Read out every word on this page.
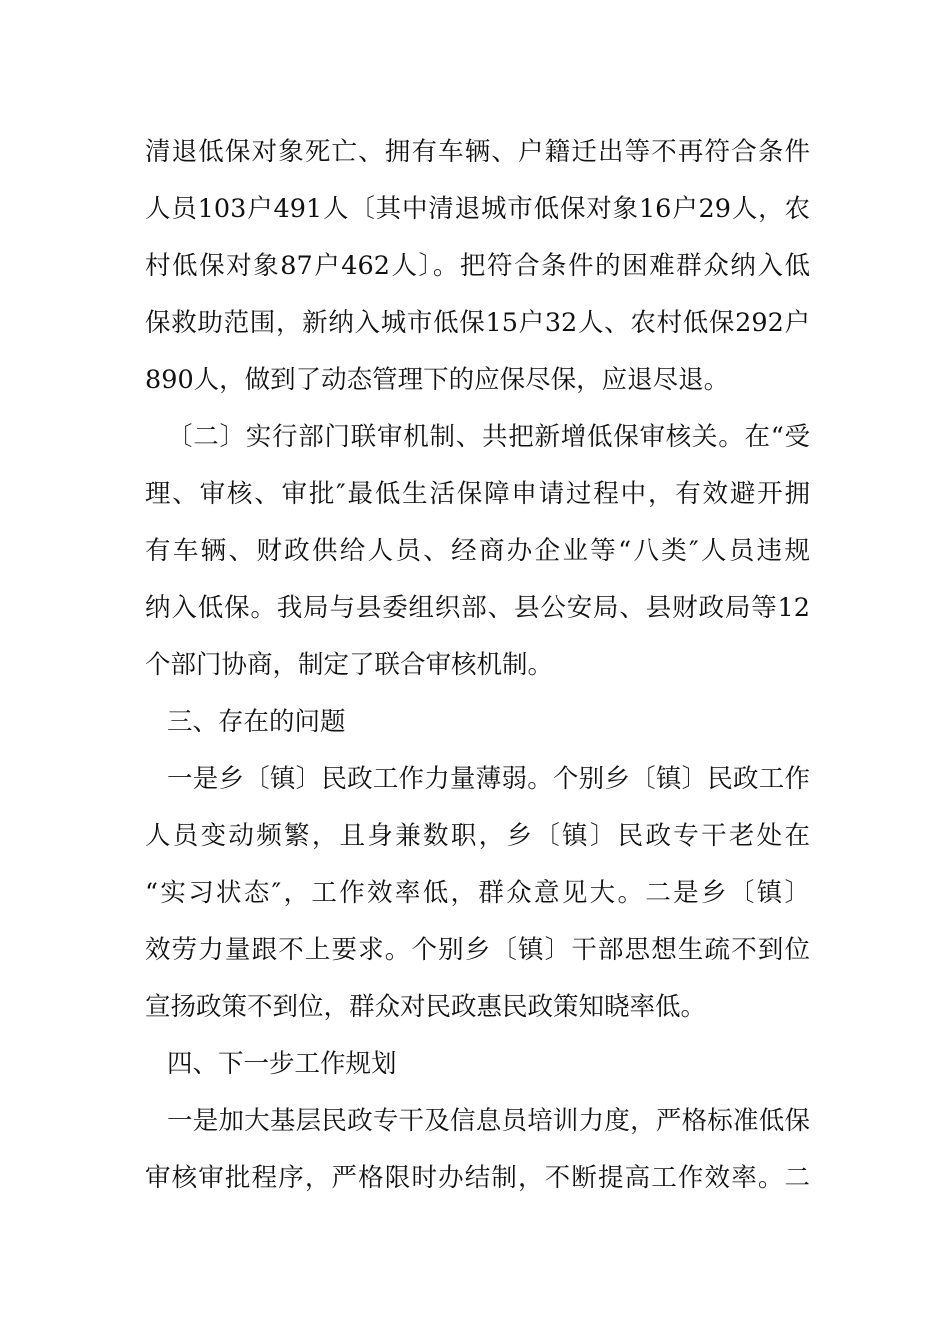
清退低保对象死亡、拥有车辆、户籍迁出等不再符合条件
人员103户491人〔其中清退城市低保对象16户29人，农
村低保对象87户462人〕。把符合条件的困难群众纳入低
保救助范围，新纳入城市低保15户32人、农村低保292户
890人，做到了动态管理下的应保尽保，应退尽退。
〔二〕实行部门联审机制、共把新增低保审核关。在“受
理、审核、审批″最低生活保障申请过程中，有效避开拥
有车辆、财政供给人员、经商办企业等“八类″人员违规
纳入低保。我局与县委组织部、县公安局、县财政局等12
个部门协商，制定了联合审核机制。
三、存在的问题
一是乡〔镇〕民政工作力量薄弱。个别乡〔镇〕民政工作
人员变动频繁，且身兼数职，乡〔镇〕民政专干老处在
“实习状态″，工作效率低，群众意见大。二是乡〔镇〕
效劳力量跟不上要求。个别乡〔镇〕干部思想生疏不到位
宣扬政策不到位，群众对民政惠民政策知晓率低。
四、下一步工作规划
一是加大基层民政专干及信息员培训力度，严格标准低保
审核审批程序，严格限时办结制，不断提高工作效率。二
